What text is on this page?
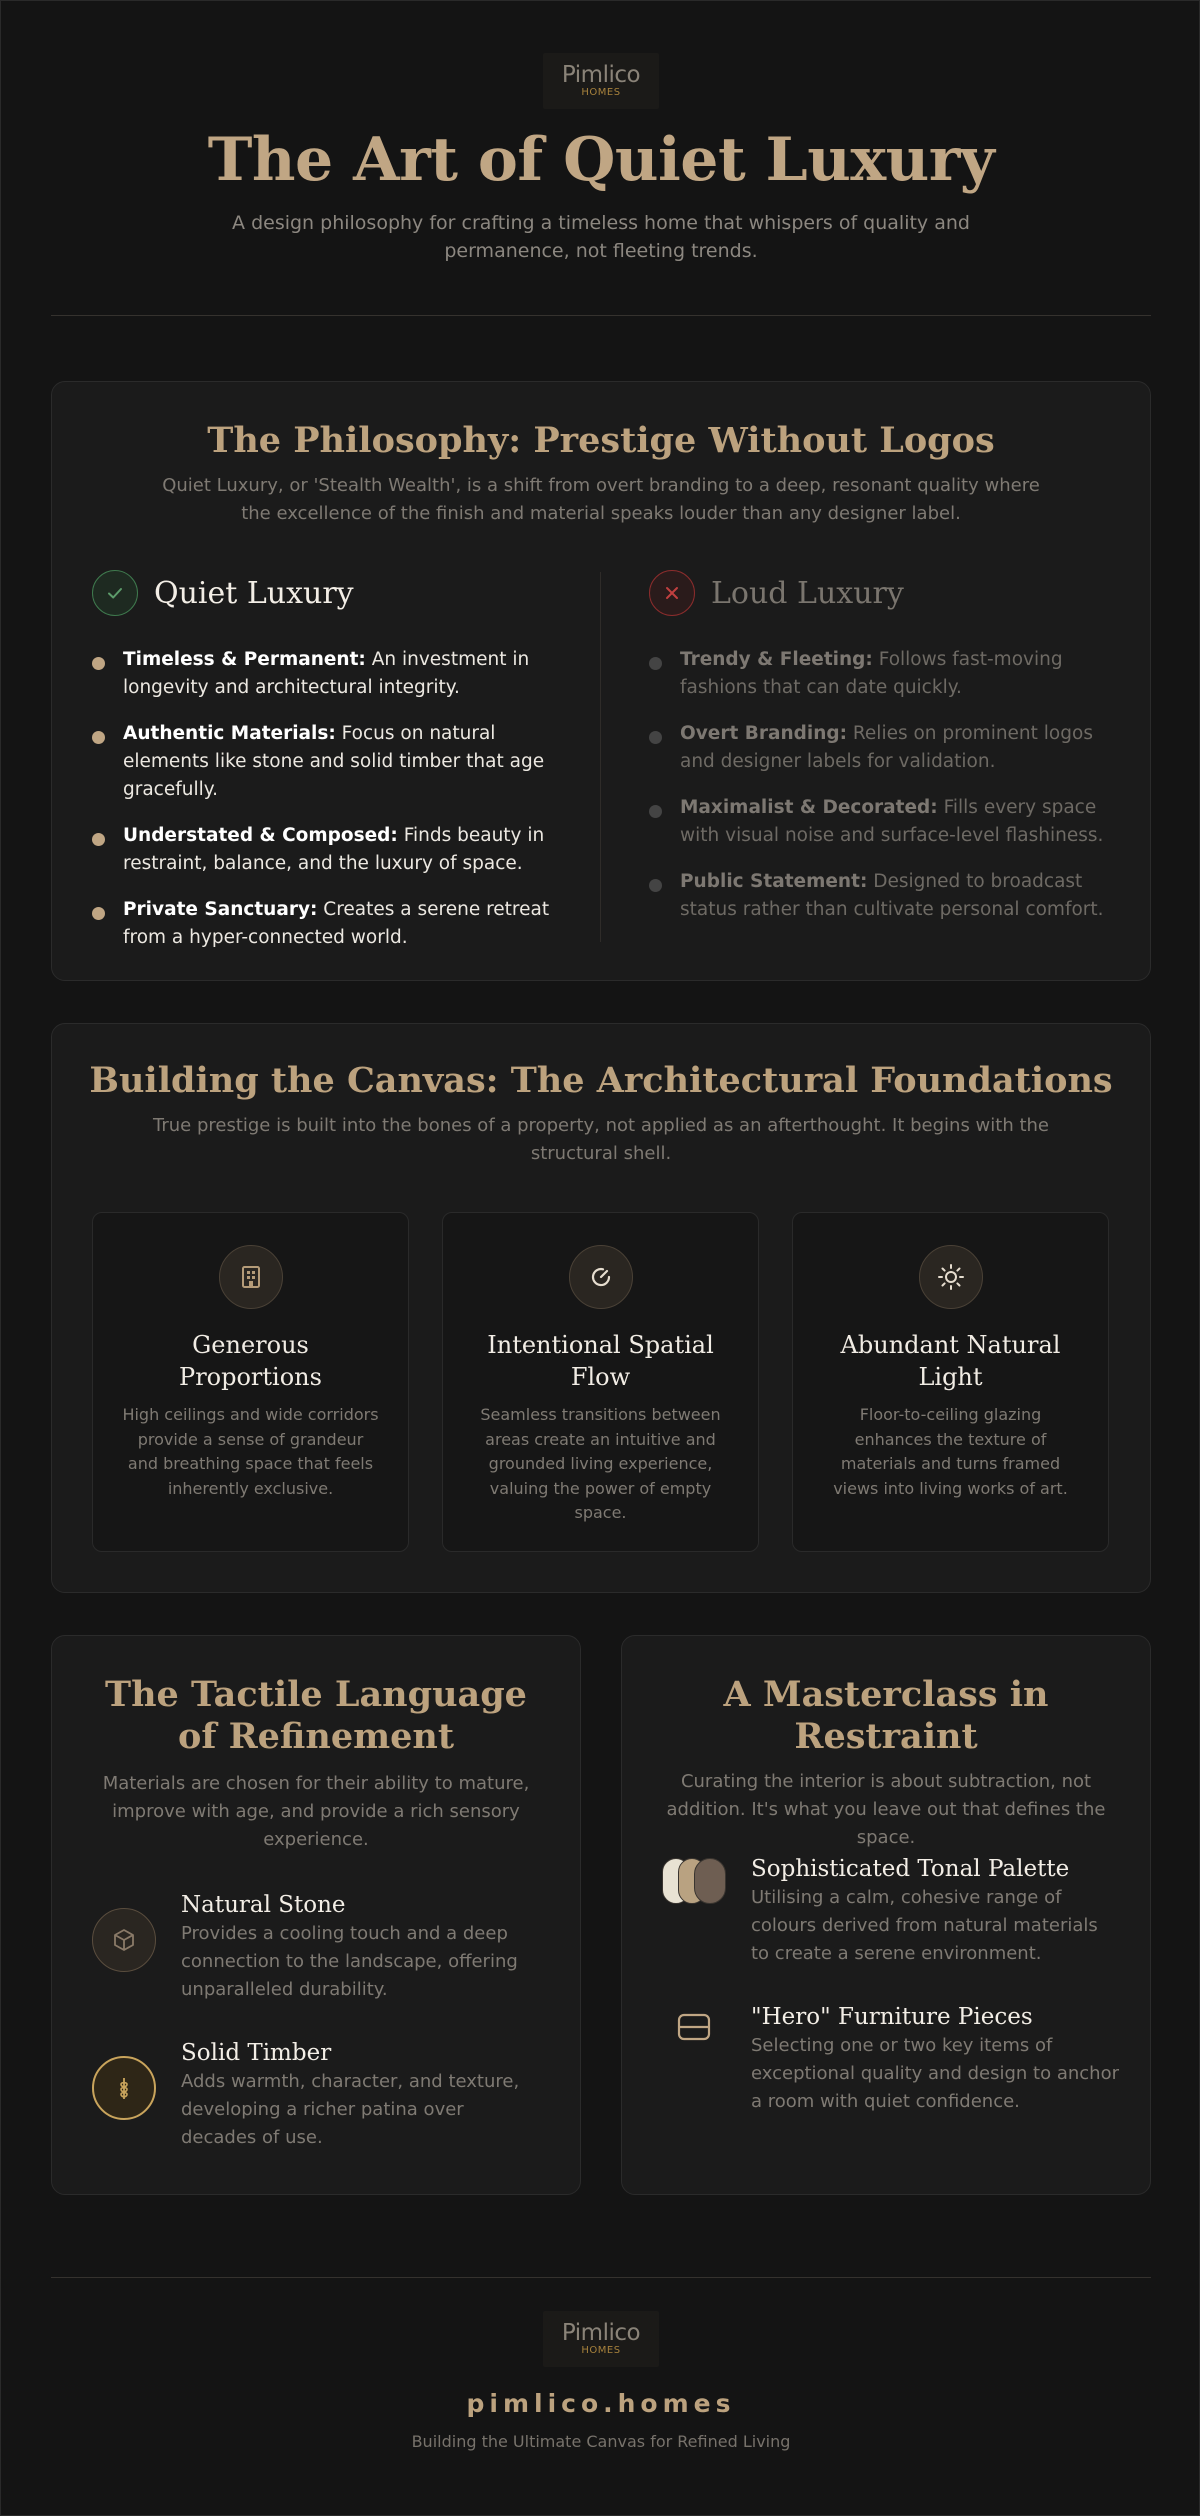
Pimlico
HOMES
The Art of Quiet Luxury

A design philosophy for crafting a timeless home that whispers of quality and permanence, not fleeting trends.

The Philosophy: Prestige Without Logos

Quiet Luxury, or 'Stealth Wealth', is a shift from overt branding to a deep, resonant quality where the excellence of the finish and material speaks louder than any designer label.

Quiet Luxury
Timeless & Permanent: An investment in longevity and architectural integrity.
Authentic Materials: Focus on natural elements like stone and solid timber that age gracefully.
Understated & Composed: Finds beauty in restraint, balance, and the luxury of space.
Private Sanctuary: Creates a serene retreat from a hyper-connected world.
Loud Luxury
Trendy & Fleeting: Follows fast-moving fashions that can date quickly.
Overt Branding: Relies on prominent logos and designer labels for validation.
Maximalist & Decorated: Fills every space with visual noise and surface-level flashiness.
Public Statement: Designed to broadcast status rather than cultivate personal comfort.
Building the Canvas: The Architectural Foundations

True prestige is built into the bones of a property, not applied as an afterthought. It begins with the structural shell.

Generous Proportions
High ceilings and wide corridors provide a sense of grandeur and breathing space that feels inherently exclusive.
Intentional Spatial Flow
Seamless transitions between areas create an intuitive and grounded living experience, valuing the power of empty space.
Abundant Natural Light
Floor-to-ceiling glazing enhances the texture of materials and turns framed views into living works of art.
The Tactile Language of Refinement

Materials are chosen for their ability to mature, improve with age, and provide a rich sensory experience.

Natural Stone
Provides a cooling touch and a deep connection to the landscape, offering unparalleled durability.
Solid Timber
Adds warmth, character, and texture, developing a richer patina over decades of use.
A Masterclass in Restraint

Curating the interior is about subtraction, not addition. It's what you leave out that defines the space.

Sophisticated Tonal Palette
Utilising a calm, cohesive range of colours derived from natural materials to create a serene environment.
"Hero" Furniture Pieces
Selecting one or two key items of exceptional quality and design to anchor a room with quiet confidence.
Pimlico
HOMES
pimlico.homes
Building the Ultimate Canvas for Refined Living
